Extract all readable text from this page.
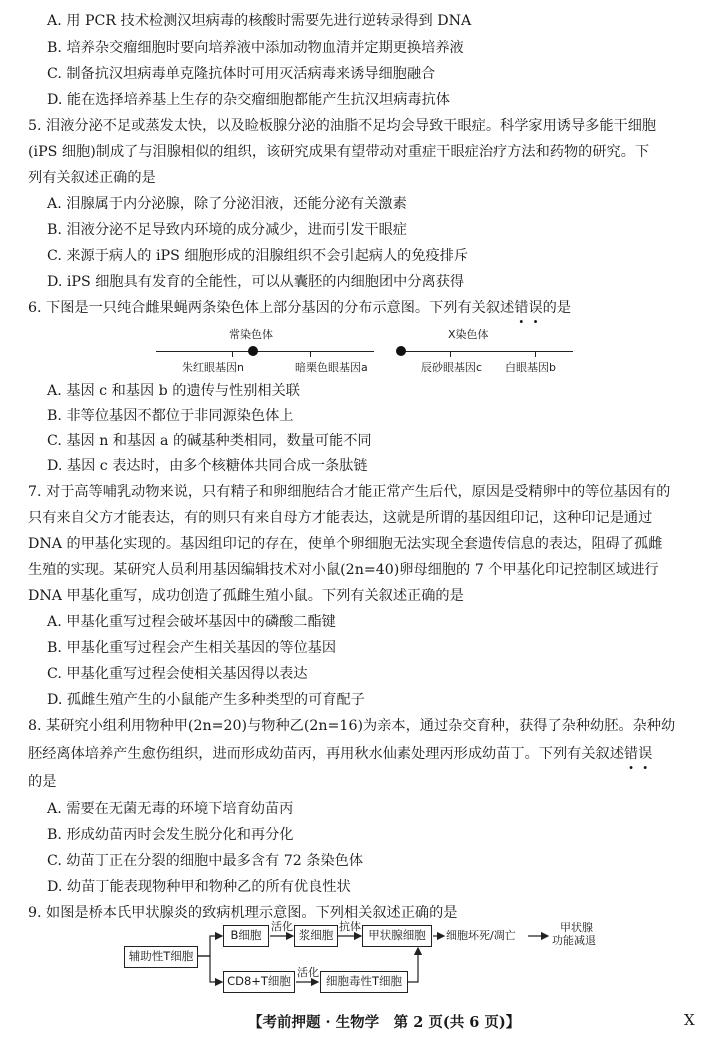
A. 用 PCR 技术检测汉坦病毒的核酸时需要先进行逆转录得到 DNA
B. 培养杂交瘤细胞时要向培养液中添加动物血清并定期更换培养液
C. 制备抗汉坦病毒单克隆抗体时可用灭活病毒来诱导细胞融合
D. 能在选择培养基上生存的杂交瘤细胞都能产生抗汉坦病毒抗体
5. 泪液分泌不足或蒸发太快，以及睑板腺分泌的油脂不足均会导致干眼症。科学家用诱导多能干细胞
(iPS 细胞)制成了与泪腺相似的组织，该研究成果有望带动对重症干眼症治疗方法和药物的研究。下
列有关叙述正确的是
A. 泪腺属于内分泌腺，除了分泌泪液，还能分泌有关激素
B. 泪液分泌不足导致内环境的成分减少，进而引发干眼症
C. 来源于病人的 iPS 细胞形成的泪腺组织不会引起病人的免疫排斥
D. iPS 细胞具有发育的全能性，可以从囊胚的内细胞团中分离获得
6. 下图是一只纯合雌果蝇两条染色体上部分基因的分布示意图。下列有关叙述错误的是
常染色体	X染色体
朱红眼基因n	暗栗色眼基因a	辰砂眼基因c 白眼基因b
A. 基因 c 和基因 b 的遗传与性别相关联
B. 非等位基因不都位于非同源染色体上
C. 基因 n 和基因 a 的碱基种类相同，数量可能不同
D. 基因 c 表达时，由多个核糖体共同合成一条肽链
7. 对于高等哺乳动物来说，只有精子和卵细胞结合才能正常产生后代，原因是受精卵中的等位基因有的
只有来自父方才能表达，有的则只有来自母方才能表达，这就是所谓的基因组印记，这种印记是通过
DNA 的甲基化实现的。基因组印记的存在，使单个卵细胞无法实现全套遗传信息的表达，阻碍了孤雌
生殖的实现。某研究人员利用基因编辑技术对小鼠(2n=40)卵母细胞的 7 个甲基化印记控制区域进行
DNA 甲基化重写，成功创造了孤雌生殖小鼠。下列有关叙述正确的是
A. 甲基化重写过程会破坏基因中的磷酸二酯键
B. 甲基化重写过程会产生相关基因的等位基因
C. 甲基化重写过程会使相关基因得以表达
D. 孤雌生殖产生的小鼠能产生多种类型的可育配子
8. 某研究小组利用物种甲(2n=20)与物种乙(2n=16)为亲本，通过杂交育种，获得了杂种幼胚。杂种幼
胚经离体培养产生愈伤组织，进而形成幼苗丙，再用秋水仙素处理丙形成幼苗丁。下列有关叙述错误
的是
A. 需要在无菌无毒的环境下培育幼苗丙
B. 形成幼苗丙时会发生脱分化和再分化
C. 幼苗丁正在分裂的细胞中最多含有 72 条染色体
D. 幼苗丁能表现物种甲和物种乙的所有优良性状
9. 如图是桥本氏甲状腺炎的致病机理示意图。下列相关叙述正确的是
辅助性T细胞
B细胞
活化
浆细胞
抗体
甲状腺细胞	细胞坏死/凋亡
甲状腺
功能减退
CD8+T细胞
活化
细胞毒性T细胞
【考前押题 · 生物学　第 2 页(共 6 页)】	X
